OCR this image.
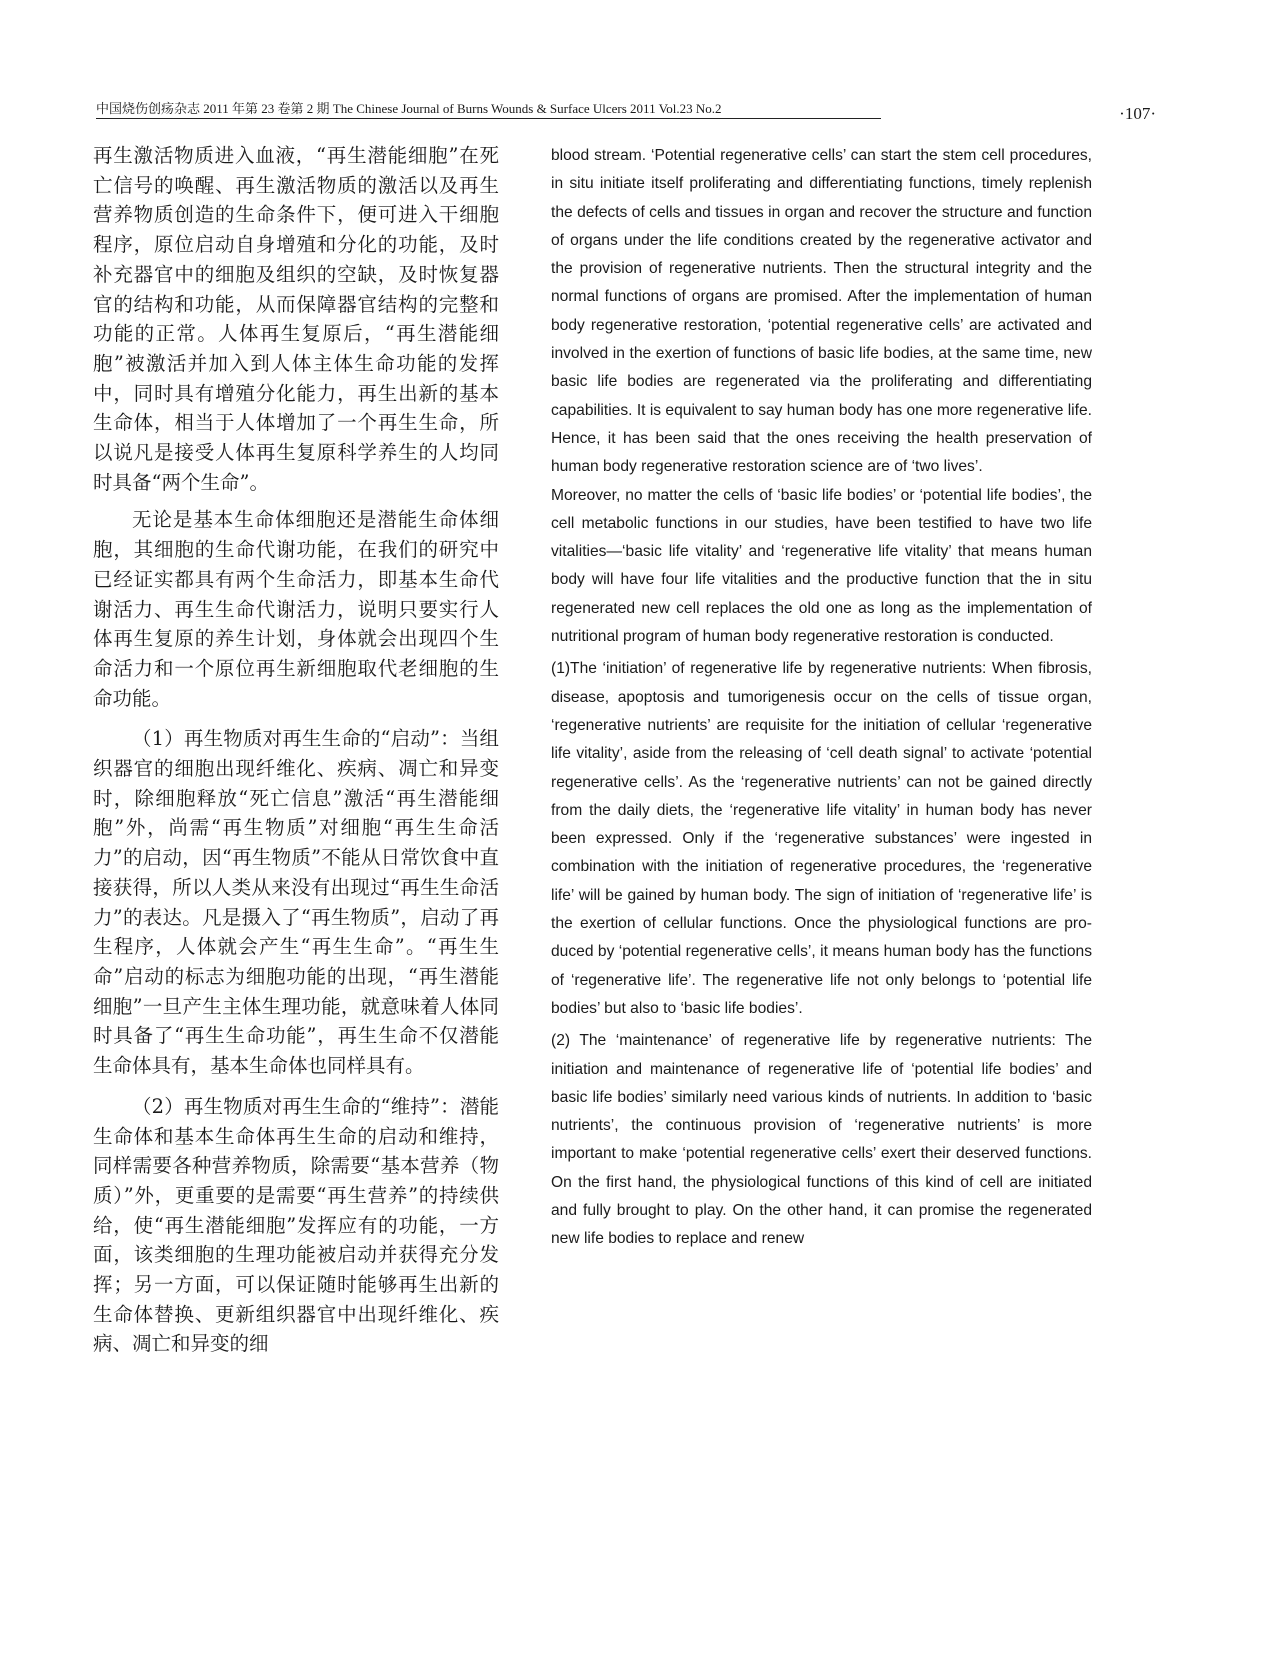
中国烧伤创疡杂志 2011 年第 23 卷第 2 期 The Chinese Journal of Burns Wounds & Surface Ulcers 2011 Vol.23 No.2	·107·

再生激活物质进入血液，“再生潜能细胞”在死亡信号的唤醒、再生激活物质的激活以及再生营养物质创造的生命条件下，便可进入干细胞程序，原位启动自身增殖和分化的功能，及时补充器官中的细胞及组织的空缺，及时恢复器官的结构和功能，从而保障器官结构的完整和功能的正常。人体再生复原后，“再生潜能细胞”被激活并加入到人体主体生命功能的发挥中，同时具有增殖分化能力，再生出新的基本生命体，相当于人体增加了一个再生生命，所以说凡是接受人体再生复原科学养生的人均同时具备“两个生命”。

无论是基本生命体细胞还是潜能生命体细胞，其细胞的生命代谢功能，在我们的研究中已经证实都具有两个生命活力，即基本生命代谢活力、再生生命代谢活力，说明只要实行人体再生复原的养生计划，身体就会出现四个生命活力和一个原位再生新细胞取代老细胞的生命功能。

（1）再生物质对再生生命的“启动”：当组织器官的细胞出现纤维化、疾病、凋亡和异变时，除细胞释放“死亡信息”激活“再生潜能细胞”外，尚需“再生物质”对细胞“再生生命活力”的启动，因“再生物质”不能从日常饮食中直接获得，所以人类从来没有出现过“再生生命活力”的表达。凡是摄入了“再生物质”，启动了再生程序，人体就会产生“再生生命”。“再生生命”启动的标志为细胞功能的出现，“再生潜能细胞”一旦产生主体生理功能，就意味着人体同时具备了“再生生命功能”，再生生命不仅潜能生命体具有，基本生命体也同样具有。

（2）再生物质对再生生命的“维持”：潜能生命体和基本生命体再生生命的启动和维持，同样需要各种营养物质，除需要“基本营养（物质）”外，更重要的是需要“再生营养”的持续供给，使“再生潜能细胞”发挥应有的功能，一方面，该类细胞的生理功能被启动并获得充分发挥；另一方面，可以保证随时能够再生出新的生命体替换、更新组织器官中出现纤维化、疾病、凋亡和异变的细

blood stream. ‘Potential regenerative cells’ can start the stem cell procedures, in situ initiate itself proliferating and differentiating functions, timely replenish the defects of cells and tissues in organ and recover the structure and function of organs under the life conditions created by the regenerative activator and the provision of regenerative nutrients. Then the structural integrity and the normal functions of organs are promised. After the implementation of human body regenerative restoration, ‘potential regenerative cells’ are activated and involved in the exertion of functions of basic life bodies, at the same time, new basic life bodies are regenerated via the proliferating and differentiating capabilities. It is equivalent to say human body has one more regenerative life. Hence, it has been said that the ones receiving the health preservation of human body regenerative restoration science are of ‘two lives’.

Moreover, no matter the cells of ‘basic life bodies’ or ‘potential life bodies’, the cell metabolic functions in our studies, have been testified to have two life vitalities—‘basic life vitality’ and ‘regenerative life vitality’ that means human body will have four life vitalities and the productive function that the in situ regenerated new cell replaces the old one as long as the implementation of nutritional program of human body regenerative restoration is conducted.

(1)The ‘initiation’ of regenerative life by regenerative nutrients: When fibrosis, disease, apoptosis and tumorigenesis occur on the cells of tissue organ, ‘regenerative nutrients’ are requisite for the initiation of cellular ‘regenerative life vitality’, aside from the releasing of ‘cell death signal’ to activate ‘potential regenerative cells’. As the ‘regenerative nutrients’ can not be gained directly from the daily diets, the ‘regenerative life vitality’ in human body has never been expressed. Only if the ‘regenerative substances’ were ingested in combination with the initiation of regenerative procedures, the ‘regenerative life’ will be gained by human body. The sign of initiation of ‘regenerative life’ is the exertion of cellular functions. Once the physiological functions are produced by ‘potential regenerative cells’, it means human body has the functions of ‘regenerative life’. The regenerative life not only belongs to ‘potential life bodies’ but also to ‘basic life bodies’.

(2) The ‘maintenance’ of regenerative life by regenerative nutrients: The initiation and maintenance of regenerative life of ‘potential life bodies’ and basic life bodies’ similarly need various kinds of nutrients. In addition to ‘basic nutrients’, the continuous provision of ‘regenerative nutrients’ is more important to make ‘potential regenerative cells’ exert their deserved functions. On the first hand, the physiological functions of this kind of cell are initiated and fully brought to play. On the other hand, it can promise the regenerated new life bodies to replace and renew
